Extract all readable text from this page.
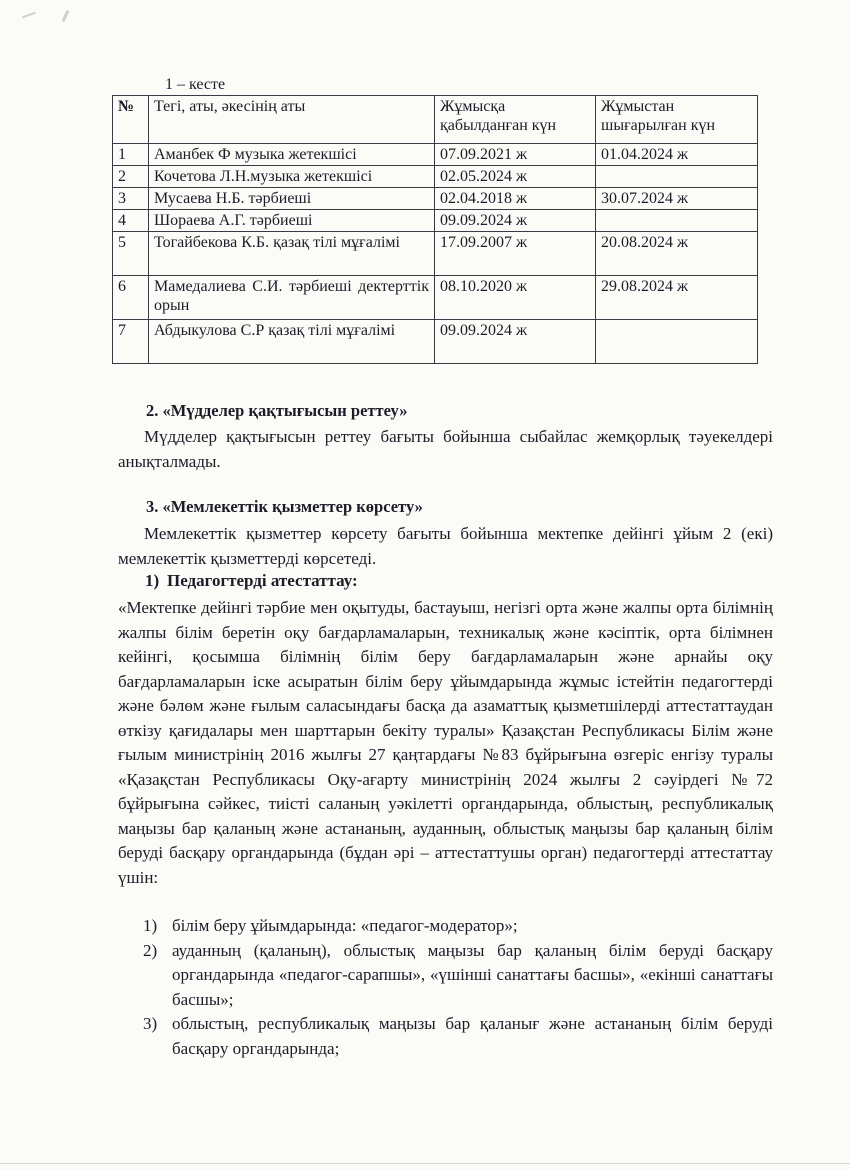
1 – кесте
№	Тегі, аты, әкесінің аты	Жұмысқа қабылданған күн	Жұмыстан шығарылған күн
1	Аманбек Ф музыка жетекшісі	07.09.2021 ж	01.04.2024 ж
2	Кочетова Л.Н.музыка жетекшісі	02.05.2024 ж	
3	Мусаева Н.Б. тәрбиеші	02.04.2018 ж	30.07.2024 ж
4	Шораева А.Г. тәрбиеші	09.09.2024 ж	
5	Тогайбекова К.Б. қазақ тілі мұғалімі	17.09.2007 ж	20.08.2024 ж
6	Мамедалиева С.И. тәрбиеші дектерттік орын	08.10.2020 ж	29.08.2024 ж
7	Абдыкулова С.Р қазақ тілі мұғалімі	09.09.2024 ж	
2. «Мүдделер қақтығысын реттеу»
Мүдделер қақтығысын реттеу бағыты бойынша сыбайлас жемқорлық тәуекелдері анықталмады.
3. «Мемлекеттік қызметтер көрсету»
Мемлекеттік қызметтер көрсету бағыты бойынша мектепке дейінгі ұйым 2 (екі) мемлекеттік қызметтерді көрсетеді.
1) Педагогтерді атестаттау:
«Мектепке дейінгі тәрбие мен оқытуды, бастауыш, негізгі орта және жалпы орта білімнің жалпы білім беретін оқу бағдарламаларын, техникалық және кәсіптік, орта білімнен кейінгі, қосымша білімнің білім беру бағдарламаларын және арнайы оқу бағдарламаларын іске асыратын білім беру ұйымдарында жұмыс істейтін педагогтерді және бәлөм және ғылым саласындағы басқа да азаматтық қызметшілерді аттестаттаудан өткізу қағидалары мен шарттарын бекіту туралы» Қазақстан Республикасы Білім және ғылым министрінің 2016 жылғы 27 қаңтардағы №83 бұйрығына өзгеріс енгізу туралы «Қазақстан Республикасы Оқу-ағарту министрінің 2024 жылғы 2 сәуірдегі №72 бұйрығына сәйкес, тиісті саланың уәкілетті органдарында, облыстың, республикалық маңызы бар қаланың және астананың, ауданның, облыстық маңызы бар қаланың білім беруді басқару органдарында (бұдан әрі – аттестаттушы орган) педагогтерді аттестаттау үшін:
1) білім беру ұйымдарында: «педагог-модератор»;
2) ауданның (қаланың), облыстық маңызы бар қаланың білім беруді басқару органдарында «педагог-сарапшы», «үшінші санаттағы басшы», «екінші санаттағы басшы»;
3) облыстың, республикалық маңызы бар қаланығ және астананың білім беруді басқару органдарында;
